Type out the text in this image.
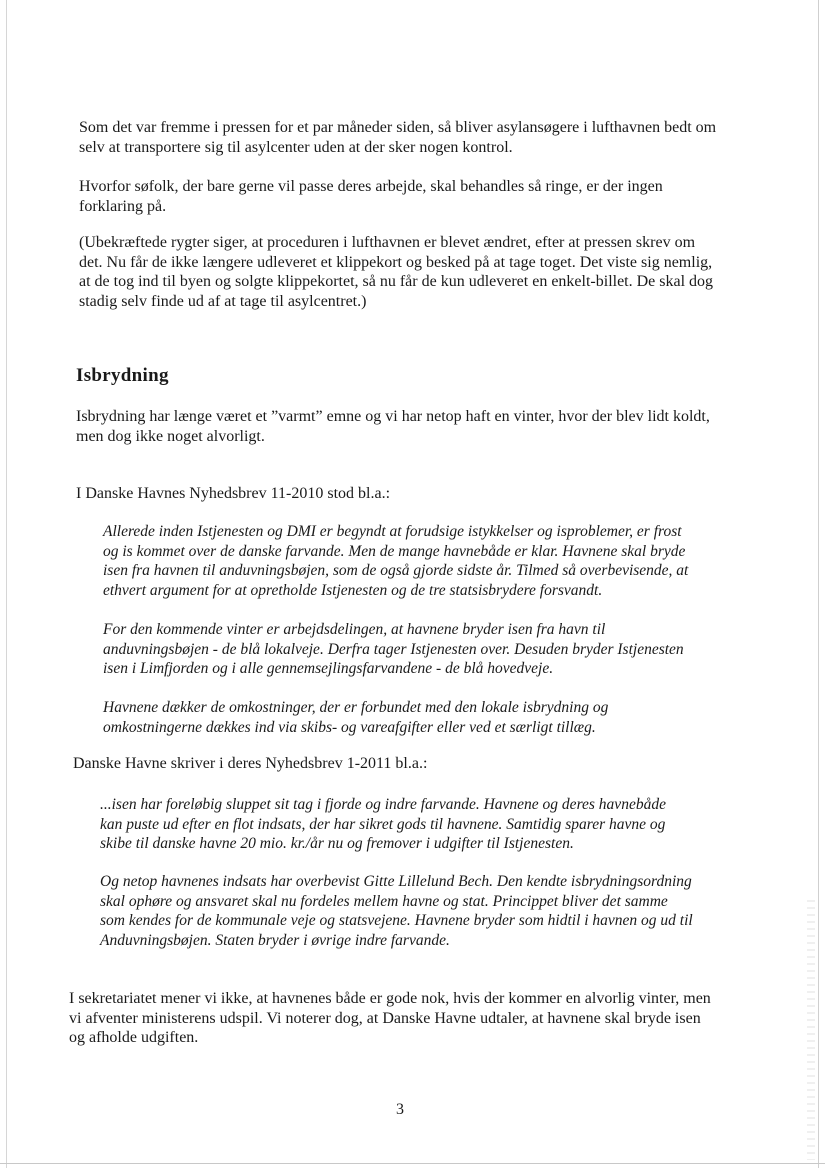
Som det var fremme i pressen for et par måneder siden, så bliver asylansøgere i lufthavnen bedt om
selv at transportere sig til asylcenter uden at der sker nogen kontrol.
Hvorfor søfolk, der bare gerne vil passe deres arbejde, skal behandles så ringe, er der ingen
forklaring på.
(Ubekræftede rygter siger, at proceduren i lufthavnen er blevet ændret, efter at pressen skrev om
det. Nu får de ikke længere udleveret et klippekort og besked på at tage toget. Det viste sig nemlig,
at de tog ind til byen og solgte klippekortet, så nu får de kun udleveret en enkelt-billet. De skal dog
stadig selv finde ud af at tage til asylcentret.)
Isbrydning
Isbrydning har længe været et ”varmt” emne og vi har netop haft en vinter, hvor der blev lidt koldt,
men dog ikke noget alvorligt.
I Danske Havnes Nyhedsbrev 11-2010 stod bl.a.:
Allerede inden Istjenesten og DMI er begyndt at forudsige istykkelser og isproblemer, er frost
og is kommet over de danske farvande. Men de mange havnebåde er klar. Havnene skal bryde
isen fra havnen til anduvningsbøjen, som de også gjorde sidste år. Tilmed så overbevisende, at
ethvert argument for at opretholde Istjenesten og de tre statsisbrydere forsvandt.
For den kommende vinter er arbejdsdelingen, at havnene bryder isen fra havn til
anduvningsbøjen - de blå lokalveje. Derfra tager Istjenesten over. Desuden bryder Istjenesten
isen i Limfjorden og i alle gennemsejlingsfarvandene - de blå hovedveje.
Havnene dækker de omkostninger, der er forbundet med den lokale isbrydning og
omkostningerne dækkes ind via skibs- og vareafgifter eller ved et særligt tillæg.
Danske Havne skriver i deres Nyhedsbrev 1-2011 bl.a.:
...isen har foreløbig sluppet sit tag i fjorde og indre farvande. Havnene og deres havnebåde
kan puste ud efter en flot indsats, der har sikret gods til havnene. Samtidig sparer havne og
skibe til danske havne 20 mio. kr./år nu og fremover i udgifter til Istjenesten.
Og netop havnenes indsats har overbevist Gitte Lillelund Bech. Den kendte isbrydningsordning
skal ophøre og ansvaret skal nu fordeles mellem havne og stat. Princippet bliver det samme
som kendes for de kommunale veje og statsvejene. Havnene bryder som hidtil i havnen og ud til
Anduvningsbøjen. Staten bryder i øvrige indre farvande.
I sekretariatet mener vi ikke, at havnenes både er gode nok, hvis der kommer en alvorlig vinter, men
vi afventer ministerens udspil. Vi noterer dog, at Danske Havne udtaler, at havnene skal bryde isen
og afholde udgiften.
3
